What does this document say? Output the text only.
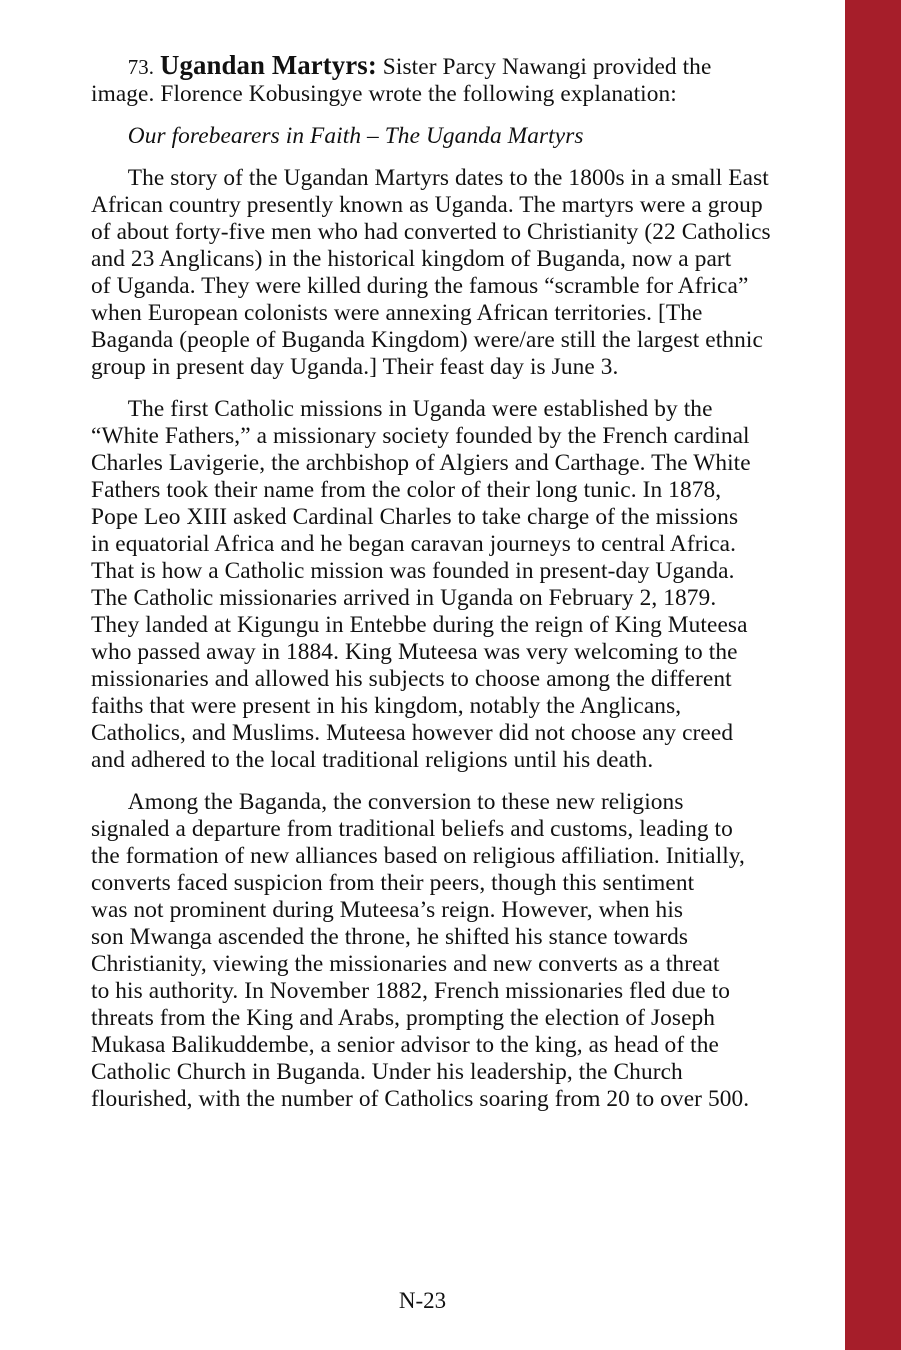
73. Ugandan Martyrs: Sister Parcy Nawangi provided the
image. Florence Kobusingye wrote the following explanation:
Our forebearers in Faith – The Uganda Martyrs
The story of the Ugandan Martyrs dates to the 1800s in a small East
African country presently known as Uganda. The martyrs were a group
of about forty-five men who had converted to Christianity (22 Catholics
and 23 Anglicans) in the historical kingdom of Buganda, now a part
of Uganda. They were killed during the famous “scramble for Africa”
when European colonists were annexing African territories. [The
Baganda (people of Buganda Kingdom) were/are still the largest ethnic
group in present day Uganda.] Their feast day is June 3.
The first Catholic missions in Uganda were established by the
“White Fathers,” a missionary society founded by the French cardinal
Charles Lavigerie, the archbishop of Algiers and Carthage. The White
Fathers took their name from the color of their long tunic. In 1878,
Pope Leo XIII asked Cardinal Charles to take charge of the missions
in equatorial Africa and he began caravan journeys to central Africa.
That is how a Catholic mission was founded in present-day Uganda.
The Catholic missionaries arrived in Uganda on February 2, 1879.
They landed at Kigungu in Entebbe during the reign of King Muteesa
who passed away in 1884. King Muteesa was very welcoming to the
missionaries and allowed his subjects to choose among the different
faiths that were present in his kingdom, notably the Anglicans,
Catholics, and Muslims. Muteesa however did not choose any creed
and adhered to the local traditional religions until his death.
Among the Baganda, the conversion to these new religions
signaled a departure from traditional beliefs and customs, leading to
the formation of new alliances based on religious affiliation. Initially,
converts faced suspicion from their peers, though this sentiment
was not prominent during Muteesa’s reign. However, when his
son Mwanga ascended the throne, he shifted his stance towards
Christianity, viewing the missionaries and new converts as a threat
to his authority. In November 1882, French missionaries fled due to
threats from the King and Arabs, prompting the election of Joseph
Mukasa Balikuddembe, a senior advisor to the king, as head of the
Catholic Church in Buganda. Under his leadership, the Church
flourished, with the number of Catholics soaring from 20 to over 500.
N-23
